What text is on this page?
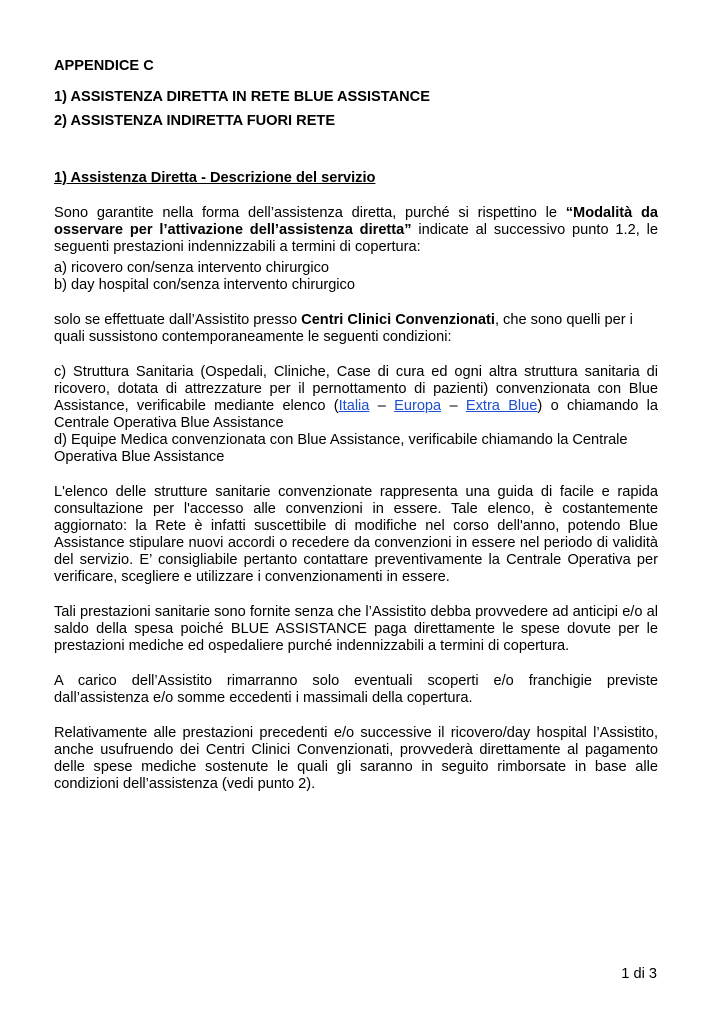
APPENDICE C
1) ASSISTENZA DIRETTA IN RETE BLUE ASSISTANCE
2) ASSISTENZA INDIRETTA FUORI RETE
1) Assistenza Diretta - Descrizione del servizio

Sono garantite nella forma dell’assistenza diretta, purché si rispettino le “Modalità da osservare per l’attivazione dell’assistenza diretta” indicate al successivo punto 1.2, le seguenti prestazioni indennizzabili a termini di copertura:

a) ricovero con/senza intervento chirurgico

b) day hospital con/senza intervento chirurgico

solo se effettuate dall’Assistito presso Centri Clinici Convenzionati, che sono quelli per i quali sussistono contemporaneamente le seguenti condizioni:

c) Struttura Sanitaria (Ospedali, Cliniche, Case di cura ed ogni altra struttura sanitaria di ricovero, dotata di attrezzature per il pernottamento di pazienti) convenzionata con Blue Assistance, verificabile mediante elenco (Italia – Europa – Extra Blue) o chiamando la Centrale Operativa Blue Assistance

d) Equipe Medica convenzionata con Blue Assistance, verificabile chiamando la Centrale Operativa Blue Assistance

L'elenco delle strutture sanitarie convenzionate rappresenta una guida di facile e rapida consultazione per l'accesso alle convenzioni in essere. Tale elenco, è costantemente aggiornato: la Rete è infatti suscettibile di modifiche nel corso dell'anno, potendo Blue Assistance stipulare nuovi accordi o recedere da convenzioni in essere nel periodo di validità del servizio. E’ consigliabile pertanto contattare preventivamente la Centrale Operativa per verificare, scegliere e utilizzare i convenzionamenti in essere.

Tali prestazioni sanitarie sono fornite senza che l’Assistito debba provvedere ad anticipi e/o al saldo della spesa poiché BLUE ASSISTANCE paga direttamente le spese dovute per le prestazioni mediche ed ospedaliere purché indennizzabili a termini di copertura.

A carico dell’Assistito rimarranno solo eventuali scoperti e/o franchigie previste dall’assistenza e/o somme eccedenti i massimali della copertura.

Relativamente alle prestazioni precedenti e/o successive il ricovero/day hospital l’Assistito, anche usufruendo dei Centri Clinici Convenzionati, provvederà direttamente al pagamento delle spese mediche sostenute le quali gli saranno in seguito rimborsate in base alle condizioni dell’assistenza (vedi punto 2).

1 di 3
